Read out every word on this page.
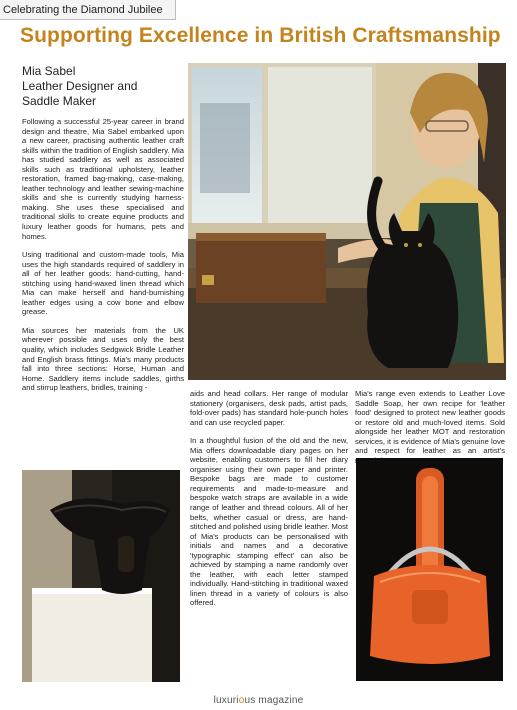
Celebrating the Diamond Jubilee
Supporting Excellence in British Craftsmanship
Mia Sabel
Leather Designer and
Saddle Maker

Following a successful 25-year career in brand design and theatre, Mia Sabel embarked upon a new career, practising authentic leather craft skills within the tradition of English saddlery. Mia has studied saddlery as well as associated skills such as traditional upholstery, leather restoration, framed bag-making, case-making, leather technology and leather sewing-machine skills and she is currently studying harness-making. She uses these specialised and traditional skills to create equine products and luxury leather goods for humans, pets and homes.

Using traditional and custom-made tools, Mia uses the high standards required of saddlery in all of her leather goods: hand-cutting, hand-stitching using hand-waxed linen thread which Mia can make herself and hand-burnishing leather edges using a cow bone and elbow grease.

Mia sources her materials from the UK wherever possible and uses only the best quality, which includes Sedgwick Bridle Leather and English brass fittings. Mia's many products fall into three sections: Horse, Human and Home. Saddlery items include saddles, girths and stirrup leathers, bridles, training -

aids and head collars. Her range of modular stationery (organisers, desk pads, artist pads, fold-over pads) has standard hole-punch holes and can use recycled paper.

In a thoughtful fusion of the old and the new, Mia offers downloadable diary pages on her website, enabling customers to fill her diary organiser using their own paper and printer. Bespoke bags are made to customer requirements and made-to-measure and bespoke watch straps are available in a wide range of leather and thread colours. All of her belts, whether casual or dress, are hand-stitched and polished using bridle leather. Most of Mia's products can be personalised with initials and names and a decorative 'typographic stamping effect' can also be achieved by stamping a name randomly over the leather, with each letter stamped individually. Hand-stitching in traditional waxed linen thread in a variety of colours is also offered.

Mia's range even extends to Leather Love Saddle Soap, her own recipe for 'leather food' designed to protect new leather goods or restore old and much-loved items. Sold alongside her leather MOT and restoration services, it is evidence of Mia's genuine love and respect for leather as an artist's

luxurious magazine
